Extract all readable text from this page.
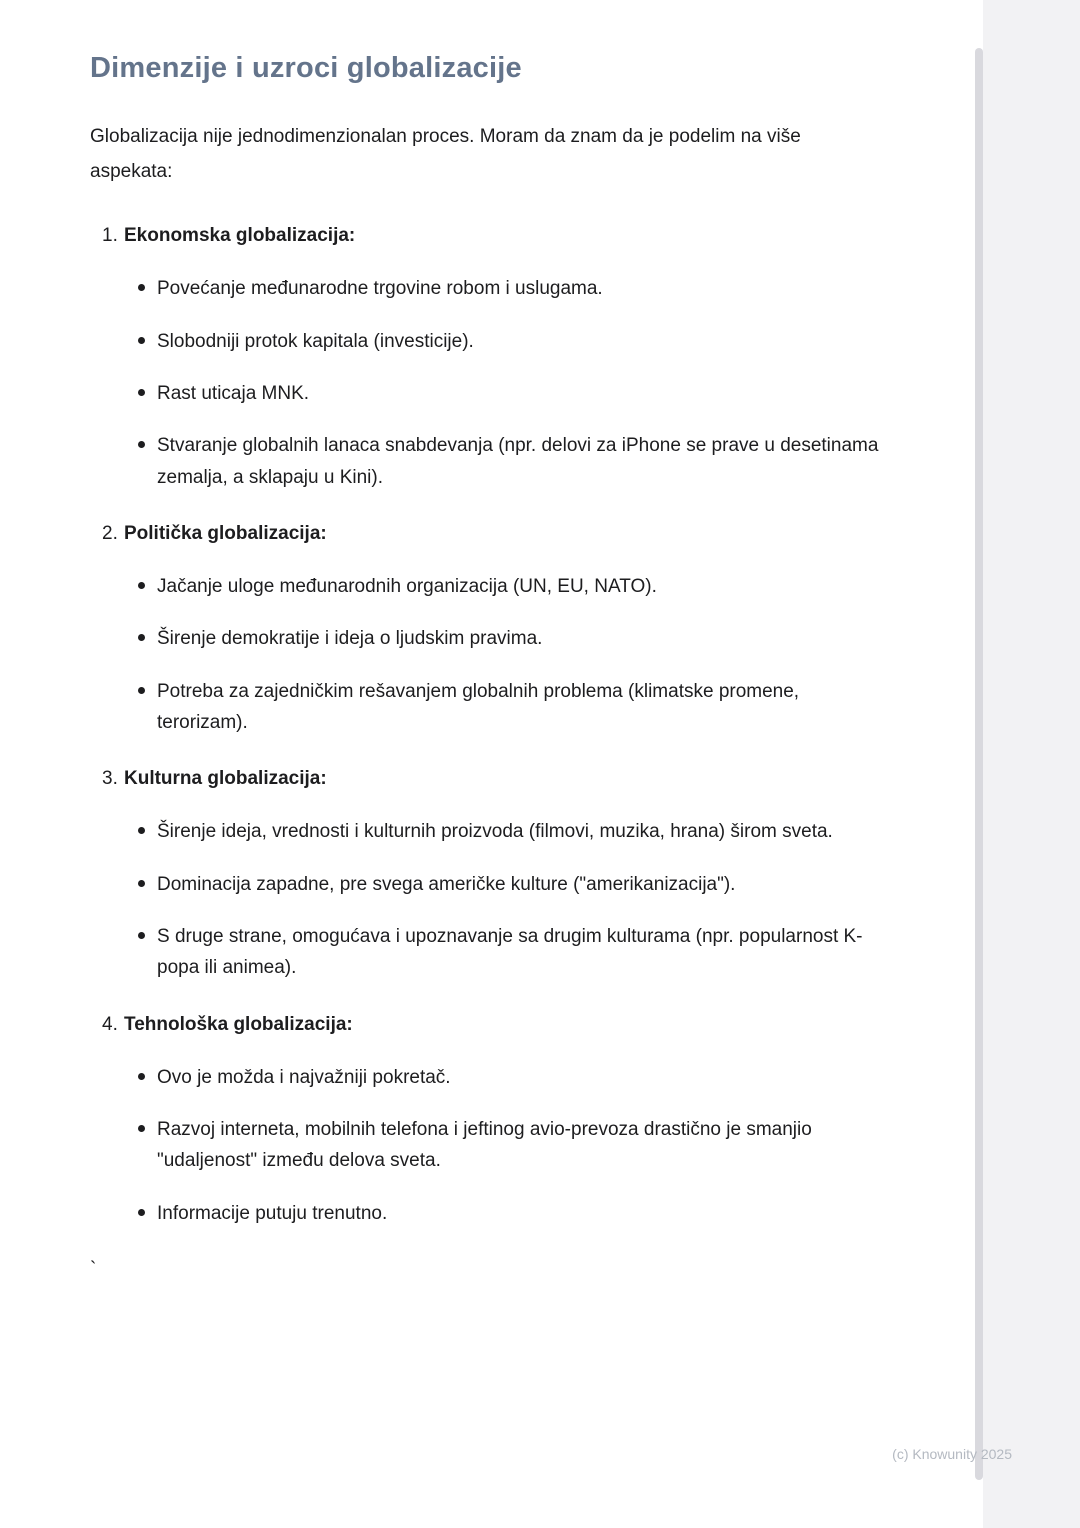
Dimenzije i uzroci globalizacije

Globalizacija nije jednodimenzionalan proces. Moram da znam da je podelim na više aspekata:

1.Ekonomska globalizacija:
Povećanje međunarodne trgovine robom i uslugama.
Slobodniji protok kapitala (investicije).
Rast uticaja MNK.
Stvaranje globalnih lanaca snabdevanja (npr. delovi za iPhone se prave u desetinama zemalja, a sklapaju u Kini).
2.Politička globalizacija:
Jačanje uloge međunarodnih organizacija (UN, EU, NATO).
Širenje demokratije i ideja o ljudskim pravima.
Potreba za zajedničkim rešavanjem globalnih problema (klimatske promene, terorizam).
3.Kulturna globalizacija:
Širenje ideja, vrednosti i kulturnih proizvoda (filmovi, muzika, hrana) širom sveta.
Dominacija zapadne, pre svega američke kulture ("amerikanizacija").
S druge strane, omogućava i upoznavanje sa drugim kulturama (npr. popularnost K-popa ili animea).
4.Tehnološka globalizacija:
Ovo je možda i najvažniji pokretač.
Razvoj interneta, mobilnih telefona i jeftinog avio-prevoza drastično je smanjio "udaljenost" između delova sveta.
Informacije putuju trenutno.
`
(c) Knowunity 2025
